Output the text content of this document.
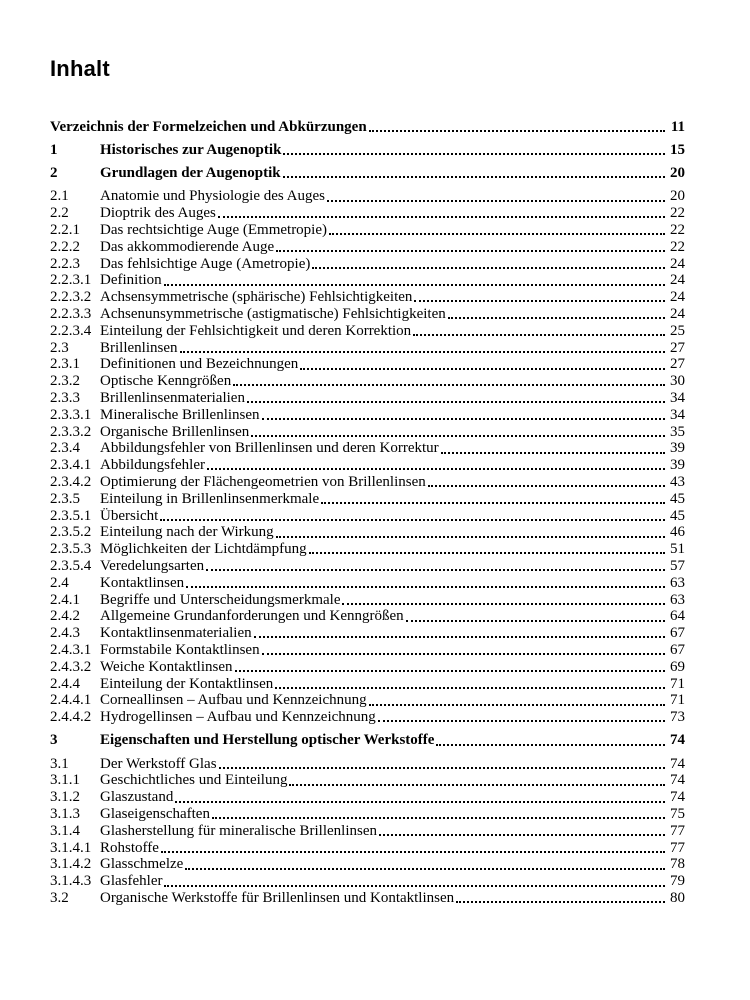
Inhalt
Verzeichnis der Formelzeichen und Abkürzungen	11
1	Historisches zur Augenoptik	15
2	Grundlagen der Augenoptik	20
2.1	Anatomie und Physiologie des Auges	20
2.2	Dioptrik des Auges	22
2.2.1	Das rechtsichtige Auge (Emmetropie)	22
2.2.2	Das akkommodierende Auge	22
2.2.3	Das fehlsichtige Auge (Ametropie)	24
2.2.3.1 Definition	24
2.2.3.2 Achsensymmetrische (sphärische) Fehlsichtigkeiten	24
2.2.3.3 Achsenunsymmetrische (astigmatische) Fehlsichtigkeiten	24
2.2.3.4 Einteilung der Fehlsichtigkeit und deren Korrektion	25
2.3	Brillenlinsen	27
2.3.1	Definitionen und Bezeichnungen	27
2.3.2	Optische Kenngrößen	30
2.3.3	Brillenlinsenmaterialien	34
2.3.3.1 Mineralische Brillenlinsen	34
2.3.3.2 Organische Brillenlinsen	35
2.3.4	Abbildungsfehler von Brillenlinsen und deren Korrektur	39
2.3.4.1 Abbildungsfehler	39
2.3.4.2 Optimierung der Flächengeometrien von Brillenlinsen	43
2.3.5	Einteilung in Brillenlinsenmerkmale	45
2.3.5.1 Übersicht	45
2.3.5.2 Einteilung nach der Wirkung	46
2.3.5.3 Möglichkeiten der Lichtdämpfung	51
2.3.5.4 Veredelungsarten	57
2.4	Kontaktlinsen	63
2.4.1	Begriffe und Unterscheidungsmerkmale	63
2.4.2	Allgemeine Grundanforderungen und Kenngrößen	64
2.4.3	Kontaktlinsenmaterialien	67
2.4.3.1 Formstabile Kontaktlinsen	67
2.4.3.2 Weiche Kontaktlinsen	69
2.4.4	Einteilung der Kontaktlinsen	71
2.4.4.1 Corneallinsen – Aufbau und Kennzeichnung	71
2.4.4.2 Hydrogellinsen – Aufbau und Kennzeichnung	73
3	Eigenschaften und Herstellung optischer Werkstoffe	74
3.1	Der Werkstoff Glas	74
3.1.1	Geschichtliches und Einteilung	74
3.1.2	Glaszustand	74
3.1.3	Glaseigenschaften	75
3.1.4	Glasherstellung für mineralische Brillenlinsen	77
3.1.4.1 Rohstoffe	77
3.1.4.2 Glasschmelze	78
3.1.4.3 Glasfehler	79
3.2	Organische Werkstoffe für Brillenlinsen und Kontaktlinsen	80
